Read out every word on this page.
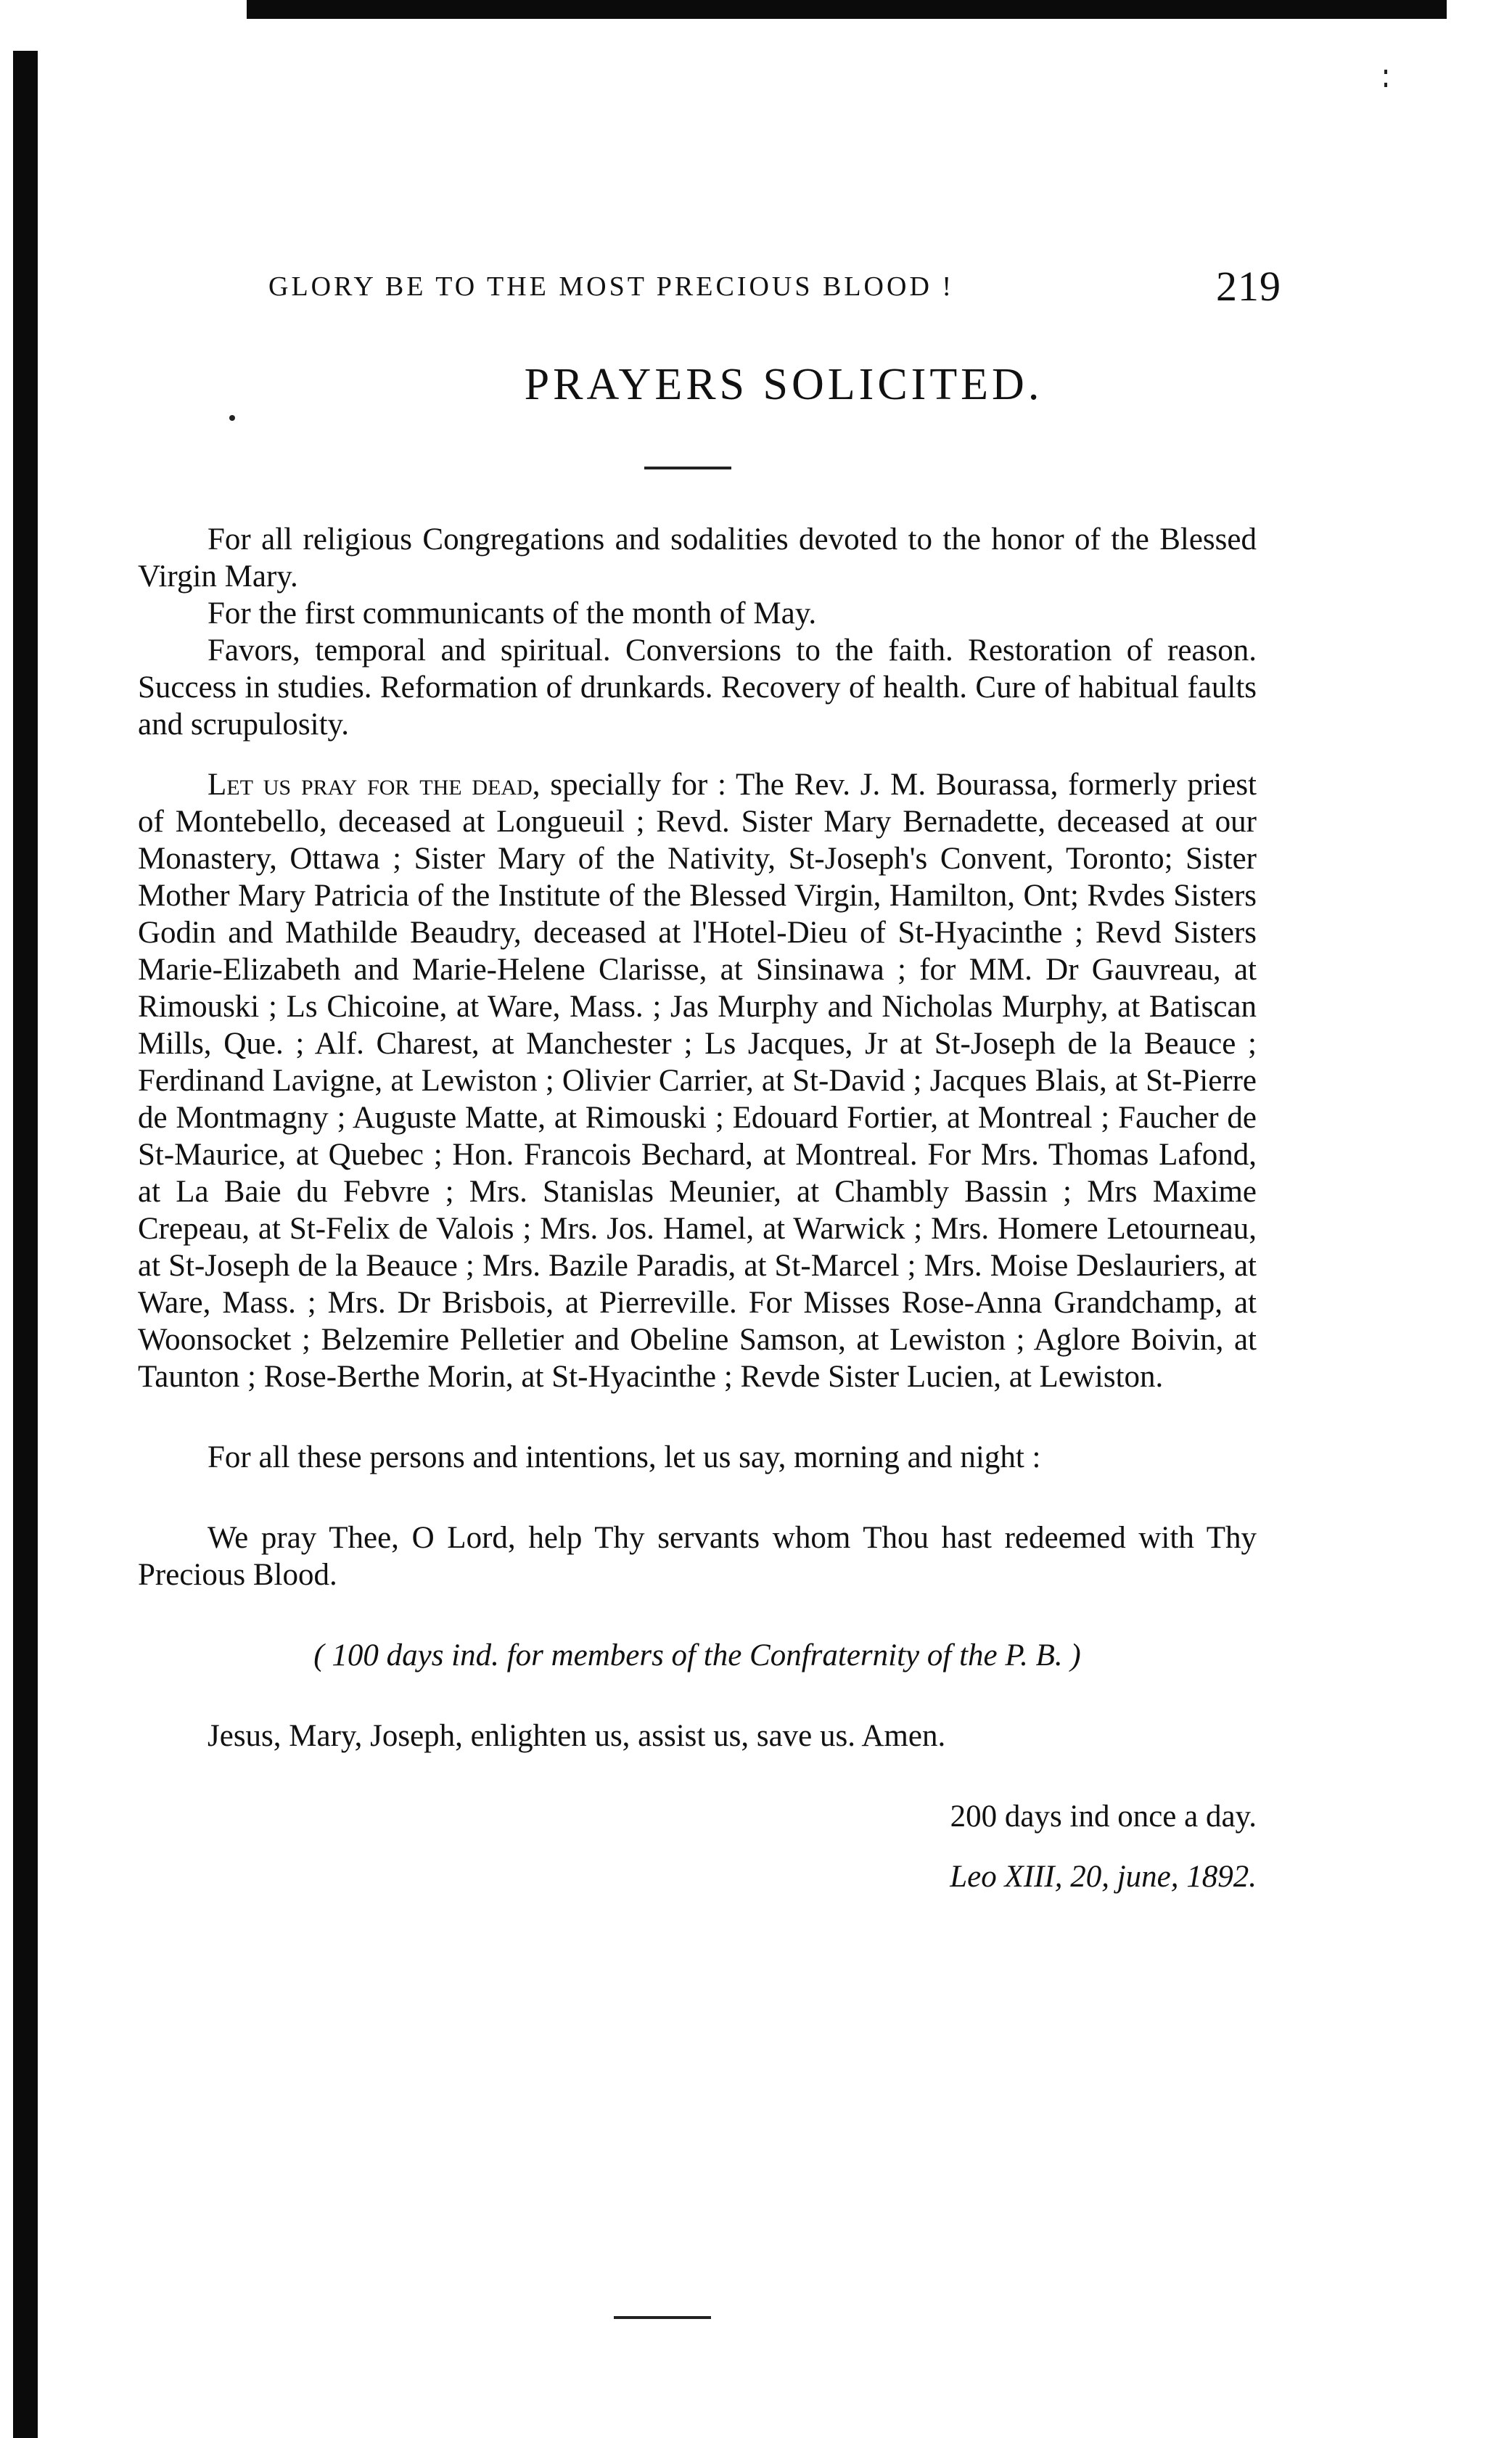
GLORY BE TO THE MOST PRECIOUS BLOOD !	219
PRAYERS SOLICITED.

For all religious Congregations and sodalities devoted to the honor of the Blessed Virgin Mary.

For the first communicants of the month of May.

Favors, temporal and spiritual. Conversions to the faith. Restoration of reason. Success in studies. Reformation of drunkards. Recovery of health. Cure of habitual faults and scrupulosity.

Let us pray for the dead, specially for : The Rev. J. M. Bourassa, formerly priest of Montebello, deceased at Longueuil ; Revd. Sister Mary Bernadette, deceased at our Monastery, Ottawa ; Sister Mary of the Nativity, St-Joseph's Convent, Toronto; Sister Mother Mary Patricia of the Institute of the Blessed Virgin, Hamilton, Ont; Rvdes Sisters Godin and Mathilde Beaudry, deceased at l'Hotel-Dieu of St-Hyacinthe ; Revd Sisters Marie-Elizabeth and Marie-Helene Clarisse, at Sinsinawa ; for MM. Dr Gauvreau, at Rimouski ; Ls Chicoine, at Ware, Mass. ; Jas Murphy and Nicholas Murphy, at Batiscan Mills, Que. ; Alf. Charest, at Manchester ; Ls Jacques, Jr at St-Joseph de la Beauce ; Ferdinand Lavigne, at Lewiston ; Olivier Carrier, at St-David ; Jacques Blais, at St-Pierre de Montmagny ; Auguste Matte, at Rimouski ; Edouard Fortier, at Montreal ; Faucher de St-Maurice, at Quebec ; Hon. Francois Bechard, at Montreal. For Mrs. Thomas Lafond, at La Baie du Febvre ; Mrs. Stanislas Meunier, at Chambly Bassin ; Mrs Maxime Crepeau, at St-Felix de Valois ; Mrs. Jos. Hamel, at Warwick ; Mrs. Homere Letourneau, at St-Joseph de la Beauce ; Mrs. Bazile Paradis, at St-Marcel ; Mrs. Moise Deslauriers, at Ware, Mass. ; Mrs. Dr Brisbois, at Pierreville. For Misses Rose-Anna Grandchamp, at Woonsocket ; Belzemire Pelletier and Obeline Samson, at Lewiston ; Aglore Boivin, at Taunton ; Rose-Berthe Morin, at St-Hyacinthe ; Revde Sister Lucien, at Lewiston.

For all these persons and intentions, let us say, morning and night :

We pray Thee, O Lord, help Thy servants whom Thou hast redeemed with Thy Precious Blood.

( 100 days ind. for members of the Confraternity of the P. B. )

Jesus, Mary, Joseph, enlighten us, assist us, save us. Amen.

200 days ind once a day.

Leo XIII, 20, june, 1892.
